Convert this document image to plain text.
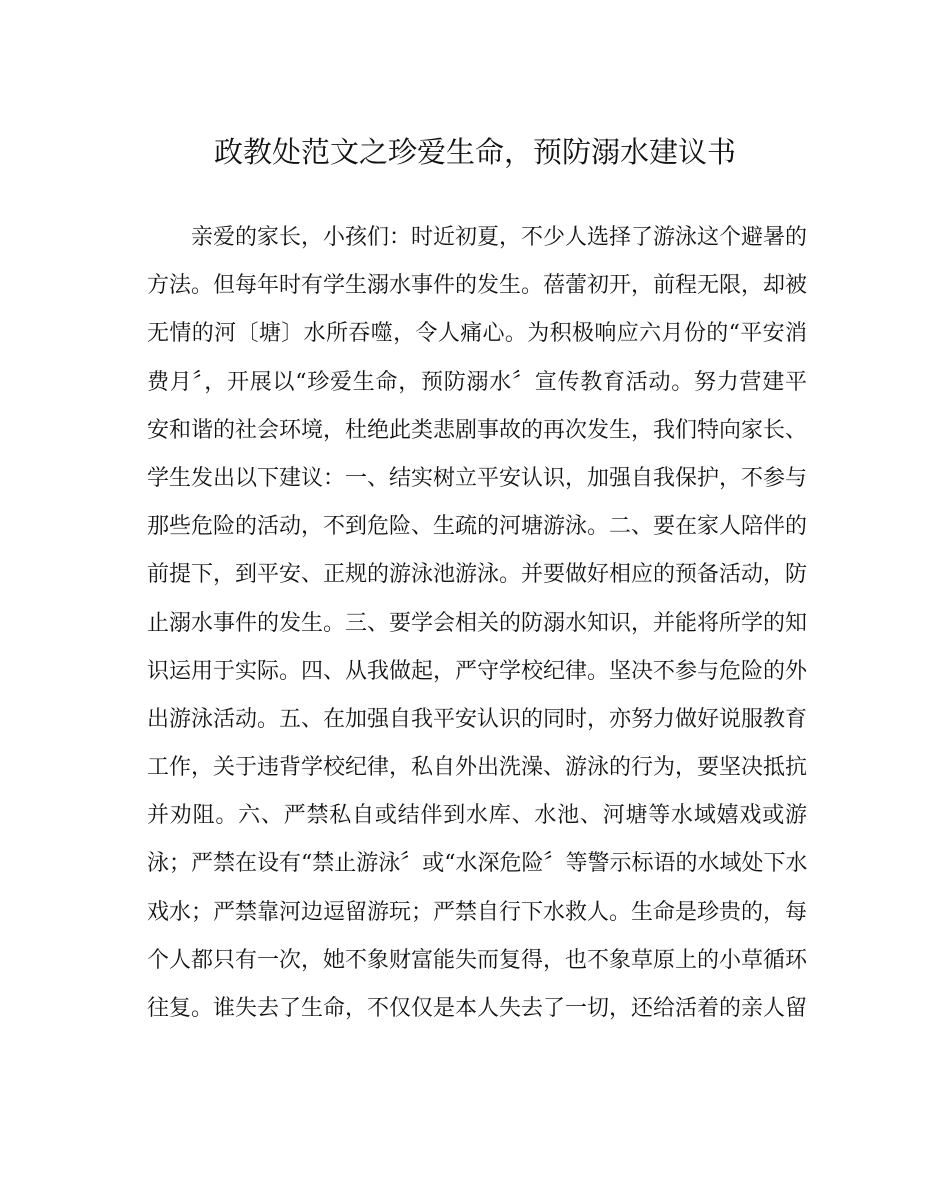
政教处范文之珍爱生命，预防溺水建议书
亲爱的家长，小孩们：时近初夏，不少人选择了游泳这个避暑的
方法。但每年时有学生溺水事件的发生。蓓蕾初开，前程无限，却被
无情的河〔塘〕水所吞噬，令人痛心。为积极响应六月份的“平安消
费月〞，开展以“珍爱生命，预防溺水〞宣传教育活动。努力营建平
安和谐的社会环境，杜绝此类悲剧事故的再次发生，我们特向家长、
学生发出以下建议：一、结实树立平安认识，加强自我保护，不参与
那些危险的活动，不到危险、生疏的河塘游泳。二、要在家人陪伴的
前提下，到平安、正规的游泳池游泳。并要做好相应的预备活动，防
止溺水事件的发生。三、要学会相关的防溺水知识，并能将所学的知
识运用于实际。四、从我做起，严守学校纪律。坚决不参与危险的外
出游泳活动。五、在加强自我平安认识的同时，亦努力做好说服教育
工作，关于违背学校纪律，私自外出洗澡、游泳的行为，要坚决抵抗
并劝阻。六、严禁私自或结伴到水库、水池、河塘等水域嬉戏或游
泳；严禁在设有“禁止游泳〞或“水深危险〞等警示标语的水域处下水
戏水；严禁靠河边逗留游玩；严禁自行下水救人。生命是珍贵的，每
个人都只有一次，她不象财富能失而复得，也不象草原上的小草循环
往复。谁失去了生命，不仅仅是本人失去了一切，还给活着的亲人留
